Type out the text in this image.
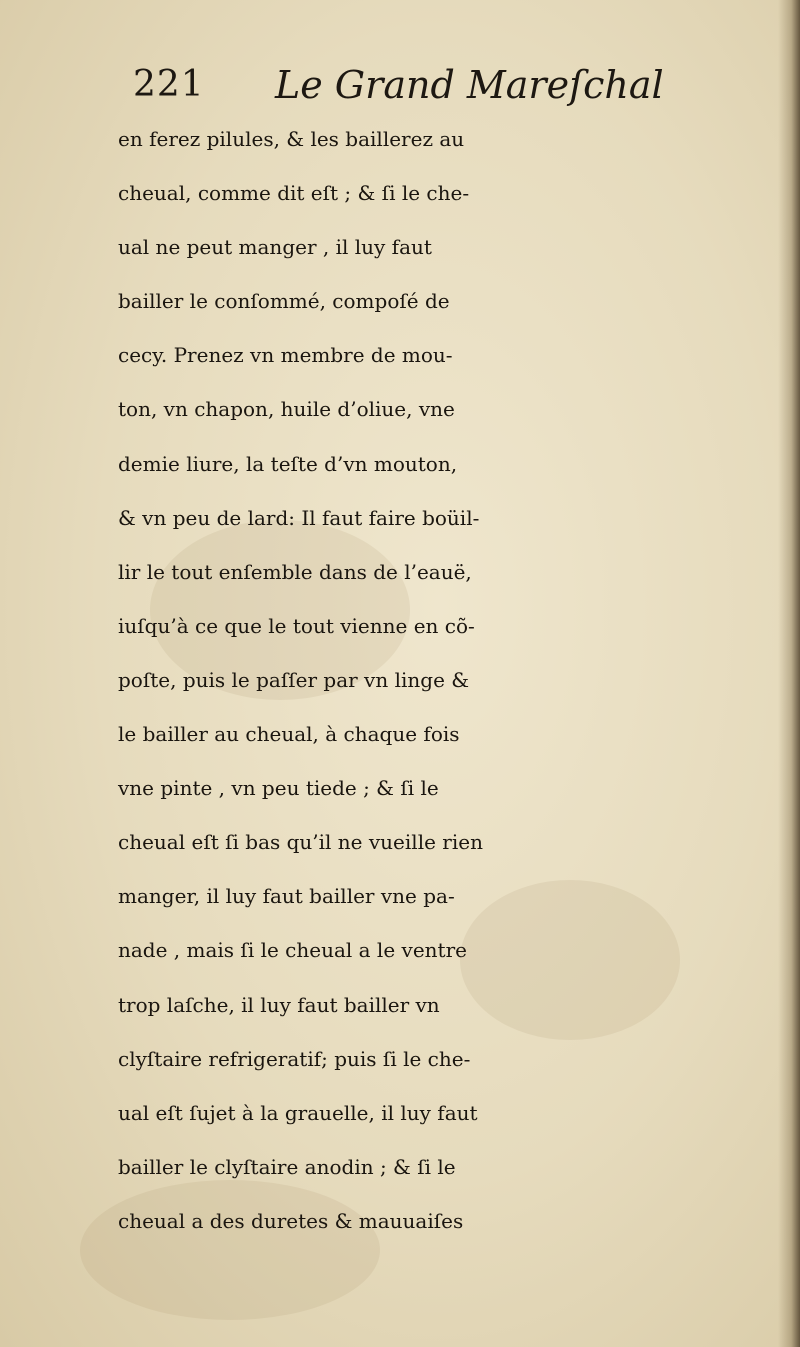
221 Le Grand Mareſchal
en ferez pilules, & les baillerez au
cheual, comme dit eſt ; & ſi le che-
ual ne peut manger , il luy faut
bailler le conſommé, compoſé de
cecy. Prenez vn membre de mou-
ton, vn chapon, huile d’oliue, vne
demie liure, la teſte d’vn mouton,
& vn peu de lard: Il faut faire boüil-
lir le tout enſemble dans de l’eauë,
iuſqu’à ce que le tout vienne en cõ-
poſte, puis le paſſer par vn linge &
le bailler au cheual, à chaque fois
vne pinte , vn peu tiede ; & ſi le
cheual eſt ſi bas qu’il ne vueille rien
manger, il luy faut bailler vne pa-
nade , mais ſi le cheual a le ventre
trop laſche, il luy faut bailler vn
clyſtaire refrigeratif; puis ſi le che-
ual eſt ſujet à la grauelle, il luy faut
bailler le clyſtaire anodin ; & ſi le
cheual a des duretes & mauuaiſes
